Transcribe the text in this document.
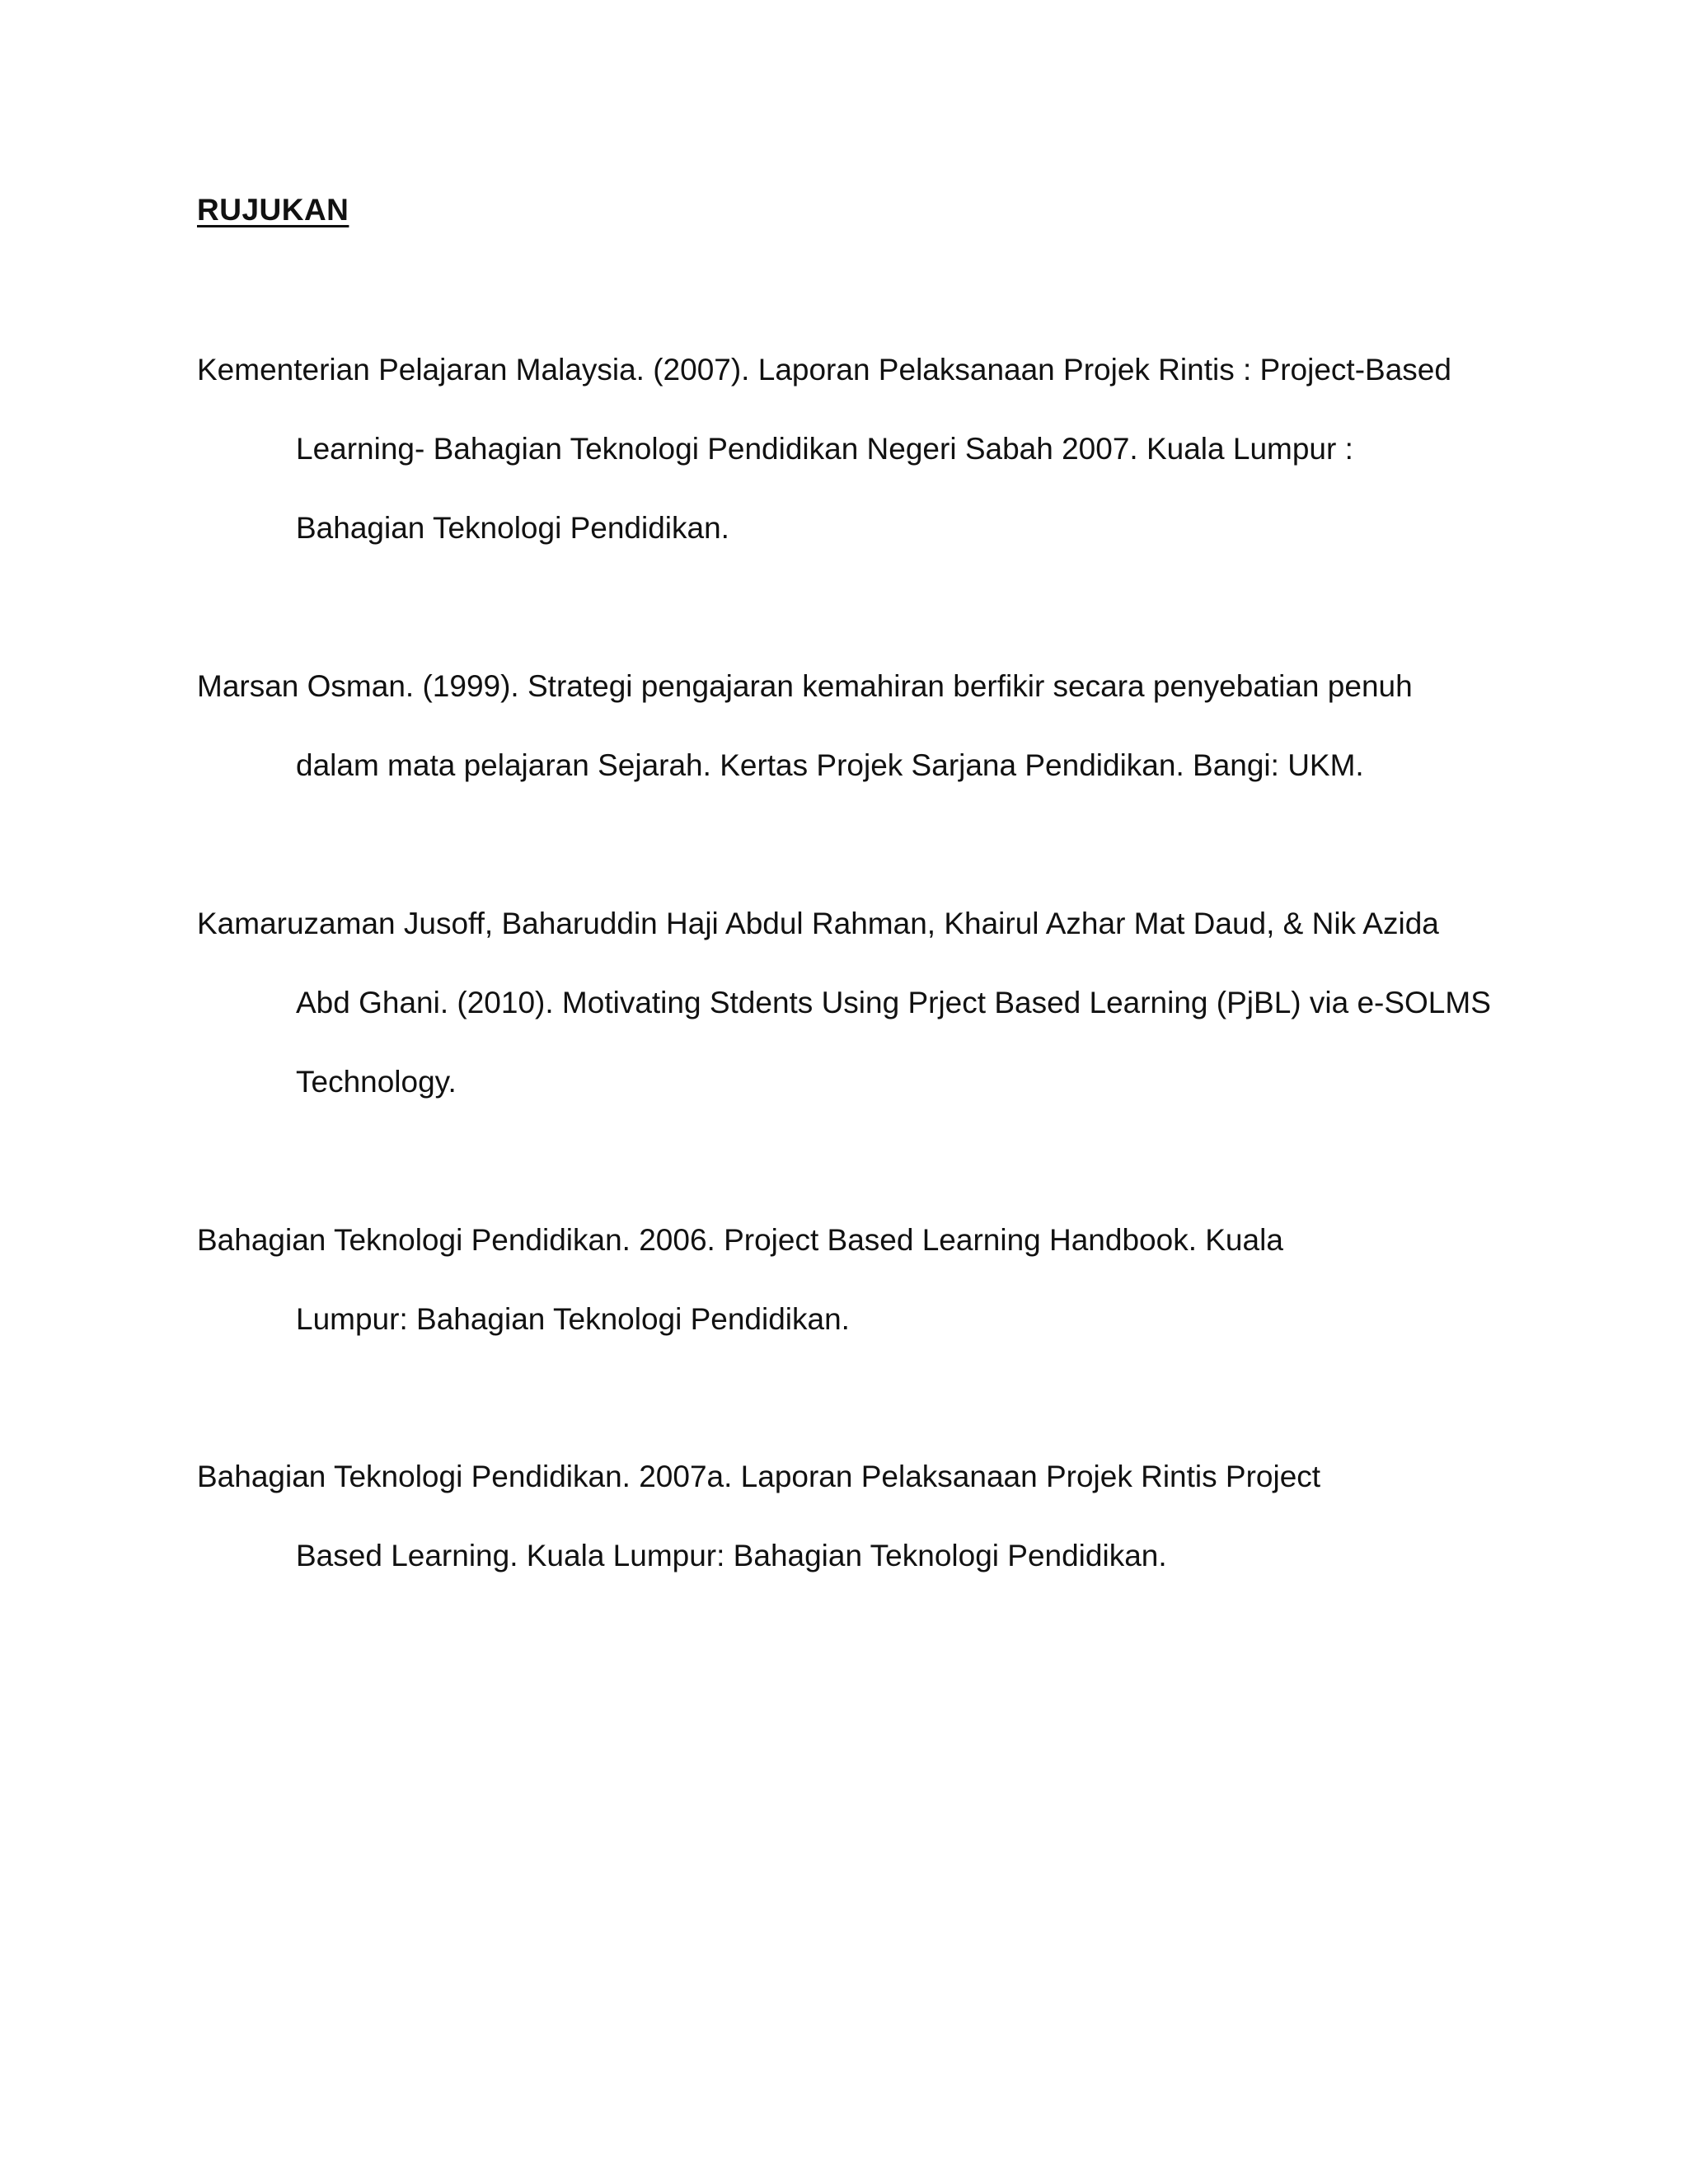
RUJUKAN
Kementerian Pelajaran Malaysia. (2007). Laporan Pelaksanaan Projek Rintis : Project-Based
Learning- Bahagian Teknologi Pendidikan Negeri Sabah 2007. Kuala Lumpur :
Bahagian Teknologi Pendidikan.
Marsan Osman. (1999). Strategi pengajaran kemahiran berfikir secara penyebatian penuh
dalam mata pelajaran Sejarah. Kertas Projek Sarjana Pendidikan. Bangi: UKM.
Kamaruzaman Jusoff, Baharuddin Haji Abdul Rahman, Khairul Azhar Mat Daud, & Nik Azida
Abd Ghani. (2010). Motivating Stdents Using Prject Based Learning (PjBL) via e-SOLMS
Technology.
Bahagian Teknologi Pendidikan. 2006. Project Based Learning Handbook. Kuala
Lumpur: Bahagian Teknologi Pendidikan.
Bahagian Teknologi Pendidikan. 2007a. Laporan Pelaksanaan Projek Rintis Project
Based Learning. Kuala Lumpur: Bahagian Teknologi Pendidikan.
